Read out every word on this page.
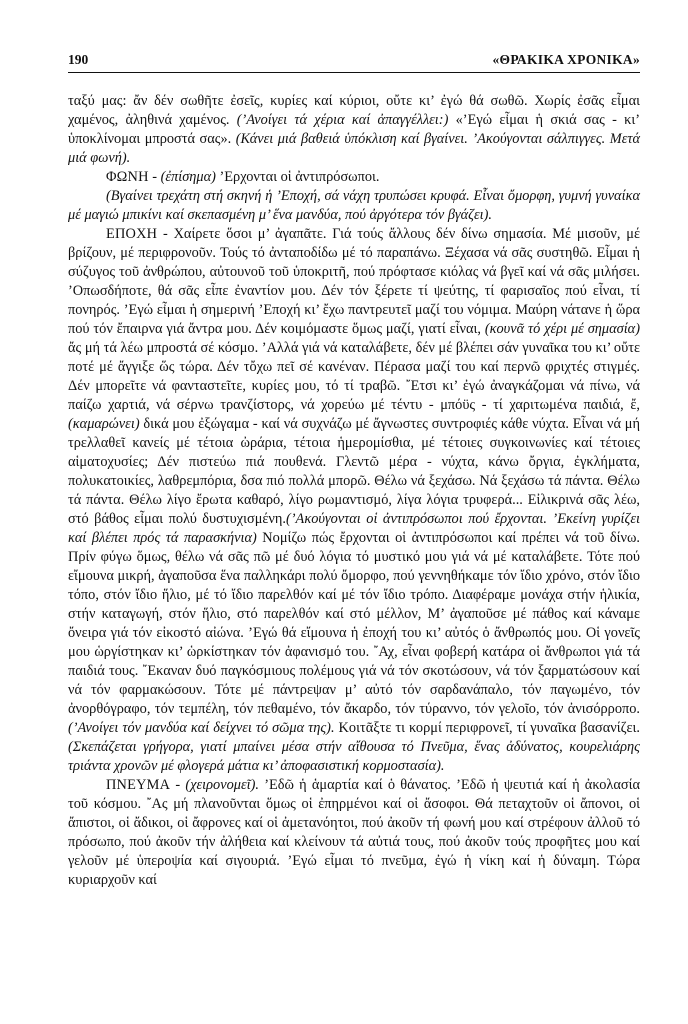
190	«ΘΡΑΚΙΚΑ ΧΡΟΝΙΚΑ»

ταξύ μας: ἄν δέν σωθῆτε ἐσεῖς, κυρίες καί κύριοι, οὔτε κι’ ἐγώ θά σωθῶ. Χωρίς ἐσᾶς εἶμαι χαμένος, ἀληθινά χαμένος. (’Ανοίγει τά χέρια καί ἀπαγγέλλει:) «’Εγώ εἶμαι ἡ σκιά σας - κι’ ὑποκλίνομαι μπροστά σας». (Κάνει μιά βαθειά ὑπόκλιση καί βγαίνει. ’Ακούγονται σάλπιγγες. Μετά μιά φωνή).

ΦΩΝΗ - (ἐπίσημα) ’Ερχονται οἱ ἀντιπρόσωποι.

(Βγαίνει τρεχάτη στή σκηνή ἡ ’Εποχή, σά νάχη τρυπώσει κρυφά. Εἶναι ὄμορφη, γυμνή γυναίκα μέ μαγιώ μπικίνι καί σκεπασμένη μ’ ἕνα μανδύα, πού ἀργότερα τόν βγάζει).

ΕΠΟΧΗ - Χαίρετε ὅσοι μ’ ἀγαπᾶτε. Γιά τούς ἄλλους δέν δίνω σημασία. Μέ μισοῦν, μέ βρίζουν, μέ περιφρονοῦν. Τούς τό ἀνταποδίδω μέ τό παραπάνω. Ξέχασα νά σᾶς συστηθῶ. Εἶμαι ἡ σύζυγος τοῦ ἀνθρώπου, αὐτουνοῦ τοῦ ὑποκριτῆ, πού πρόφτασε κιόλας νά βγεῖ καί νά σᾶς μιλήσει. ’Οπωσδήποτε, θά σᾶς εἶπε ἐναντίον μου. Δέν τόν ξέρετε τί ψεύτης, τί φαρισαῖος πού εἶναι, τί πονηρός. ’Εγώ εἶμαι ἡ σημερινή ’Εποχή κι’ ἔχω παντρευτεῖ μαζί του νόμιμα. Μαύρη νάτανε ἡ ὥρα πού τόν ἔπαιρνα γιά ἄντρα μου. Δέν κοιμόμαστε ὅμως μαζί, γιατί εἶναι, (κουνᾶ τό χέρι μέ σημασία) ἄς μή τά λέω μπροστά σέ κόσμο. ’Αλλά γιά νά καταλάβετε, δέν μέ βλέπει σάν γυναῖκα του κι’ οὔτε ποτέ μέ ἄγγιξε ὥς τώρα. Δέν τὄχω πεῖ σέ κανέναν. Πέρασα μαζί του καί περνῶ φριχτές στιγμές. Δέν μπορεῖτε νά φανταστεῖτε, κυρίες μου, τό τί τραβῶ. ῎Ετσι κι’ ἐγώ ἀναγκάζομαι νά πίνω, νά παίζω χαρτιά, νά σέρνω τρανζίστορς, νά χορεύω μέ τέντυ - μπόϋς - τί χαριτωμένα παιδιά, ἔ, (καμαρώνει) δικά μου ἐξώγαμα - καί νά συχνάζω μέ ἄγνωστες συντροφιές κάθε νύχτα. Εἶναι νά μή τρελλαθεῖ κανείς μέ τέτοια ὠράρια, τέτοια ἡμερομίσθια, μέ τέτοιες συγκοινωνίες καί τέτοιες αἱματοχυσίες; Δέν πιστεύω πιά πουθενά. Γλεντῶ μέρα - νύχτα, κάνω ὄργια, ἐγκλήματα, πολυκατοικίες, λαθρεμπόρια, δσα πιό πολλά μπορῶ. Θέλω νά ξεχάσω. Νά ξεχάσω τά πάντα. Θέλω τά πάντα. Θέλω λίγο ἔρωτα καθαρό, λίγο ρωμαντισμό, λίγα λόγια τρυφερά... Εἰλικρινά σᾶς λέω, στό βάθος εἶμαι πολύ δυστυχισμένη.(’Ακούγονται οἱ ἀντιπρόσωποι πού ἔρχονται. ’Εκείνη γυρίζει καί βλέπει πρός τά παρασκήνια) Νομίζω πώς ἔρχονται οἱ ἀντιπρόσωποι καί πρέπει νά τοῦ δίνω. Πρίν φύγω ὅμως, θέλω νά σᾶς πῶ μέ δυό λόγια τό μυστικό μου γιά νά μέ καταλάβετε. Τότε πού εἴμουνα μικρή, ἀγαποῦσα ἕνα παλληκάρι πολύ ὄμορφο, πού γεννηθήκαμε τόν ἴδιο χρόνο, στόν ἴδιο τόπο, στόν ἴδιο ἥλιο, μέ τό ἴδιο παρελθόν καί μέ τόν ἴδιο τρόπο. Διαφέραμε μονάχα στήν ἡλικία, στήν καταγωγή, στόν ἥλιο, στό παρελθόν καί στό μέλλον, Μ’ ἀγαποῦσε μέ πάθος καί κάναμε ὄνειρα γιά τόν εἰκοστό αἰώνα. ’Εγώ θά εἴμουνα ἡ ἐποχή του κι’ αὐτός ὁ ἄνθρωπός μου. Οἱ γονεῖς μου ὡργίστηκαν κι’ ὡρκίστηκαν τόν ἀφανισμό του. ῎Αχ, εἶναι φοβερή κατάρα οἱ ἄνθρωποι γιά τά παιδιά τους. ῎Εκαναν δυό παγκόσμιους πολέμους γιά νά τόν σκοτώσουν, νά τόν ξαρματώσουν καί νά τόν φαρμακώσουν. Τότε μέ πάντρεψαν μ’ αὐτό τόν σαρδανάπαλο, τόν παγωμένο, τόν ἀνορθόγραφο, τόν τεμπέλη, τόν πεθαμένο, τόν ἄκαρδο, τόν τύραννο, τόν γελοῖο, τόν ἀνισόρροπο.(’Ανοίγει τόν μανδύα καί δείχνει τό σῶμα της). Κοιτᾶξτε τι κορμί περιφρονεῖ, τί γυναῖκα βασανίζει. (Σκεπάζεται γρήγορα, γιατί μπαίνει μέσα στήν αἴθουσα τό Πνεῦμα, ἕνας ἀδύνατος, κουρελιάρης τριάντα χρονῶν μέ φλογερά μάτια κι’ ἀποφασιστική κορμοστασία).

ΠΝΕΥΜΑ - (χειρονομεῖ). ’Εδῶ ἡ ἁμαρτία καί ὁ θάνατος. ’Εδῶ ἡ ψευτιά καί ἡ ἀκολασία τοῦ κόσμου. ῎Ας μή πλανοῦνται ὅμως οἱ ἐπηρμένοι καί οἱ ἄσοφοι. Θά πεταχτοῦν οἱ ἄπονοι, οἱ ἄπιστοι, οἱ ἄδικοι, οἱ ἄφρονες καί οἱ ἀμετανόητοι, πού ἀκοῦν τή φωνή μου καί στρέφουν ἀλλοῦ τό πρόσωπο, πού ἀκοῦν τήν ἀλήθεια καί κλείνουν τά αὐτιά τους, πού ἀκοῦν τούς προφῆτες μου καί γελοῦν μέ ὑπεροψία καί σιγουριά. ’Εγώ εἶμαι τό πνεῦμα, ἐγώ ἡ νίκη καί ἡ δύναμη. Τώρα κυριαρχοῦν καί
